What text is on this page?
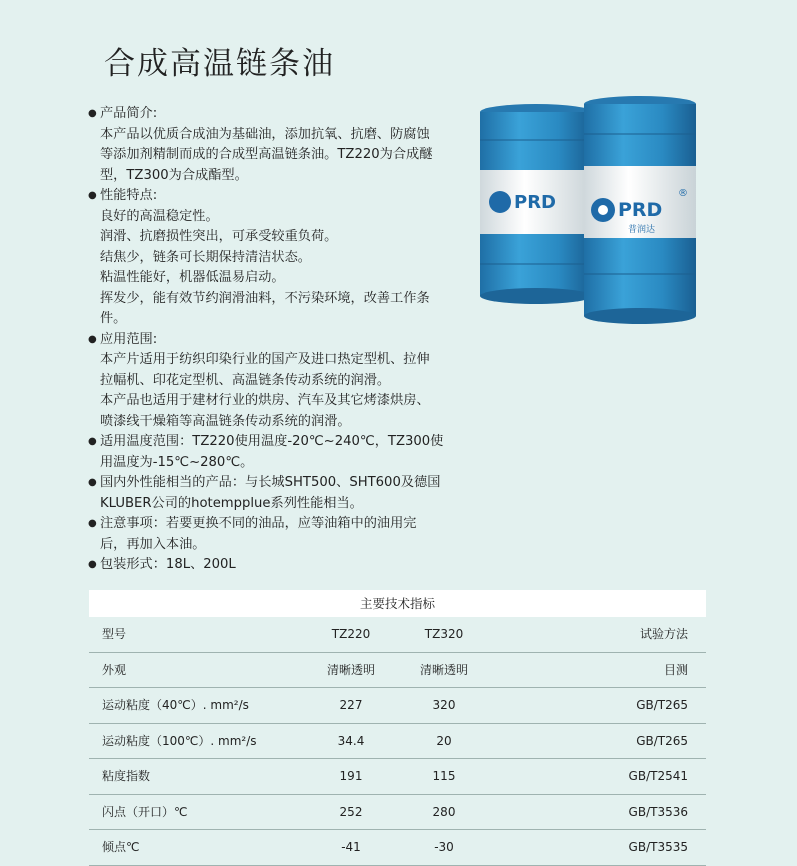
合成高温链条油
● 产品简介:

本产品以优质合成油为基础油，添加抗氧、抗磨、防腐蚀

等添加剂精制而成的合成型高温链条油。TZ220为合成醚

型，TZ300为合成酯型。

● 性能特点:

良好的高温稳定性。

润滑、抗磨损性突出，可承受较重负荷。

结焦少，链条可长期保持清洁状态。

粘温性能好，机器低温易启动。

挥发少，能有效节约润滑油料，不污染环境，改善工作条

件。

● 应用范围:

本产片适用于纺织印染行业的国产及进口热定型机、拉伸

拉幅机、印花定型机、高温链条传动系统的润滑。

本产品也适用于建材行业的烘房、汽车及其它烤漆烘房、

喷漆线干燥箱等高温链条传动系统的润滑。

● 适用温度范围：TZ220使用温度-20℃~240℃，TZ300使

用温度为-15℃~280℃。

● 国内外性能相当的产品：与长城SHT500、SHT600及德国

KLUBER公司的hotempplue系列性能相当。

● 注意事项：若要更换不同的油品，应等油箱中的油用完

后，再加入本油。

● 包装形式：18L、200L
PRD	PRD
普润达
®
主要技术指标
型号	TZ220	TZ320	试验方法
外观	清晰透明	清晰透明	目测
运动粘度（40℃）. mm²/s	227	320	GB/T265
运动粘度（100℃）. mm²/s	34.4	20	GB/T265
粘度指数	191	115	GB/T2541
闪点（开口）℃	252	280	GB/T3536
倾点℃	-41	-30	GB/T3535
